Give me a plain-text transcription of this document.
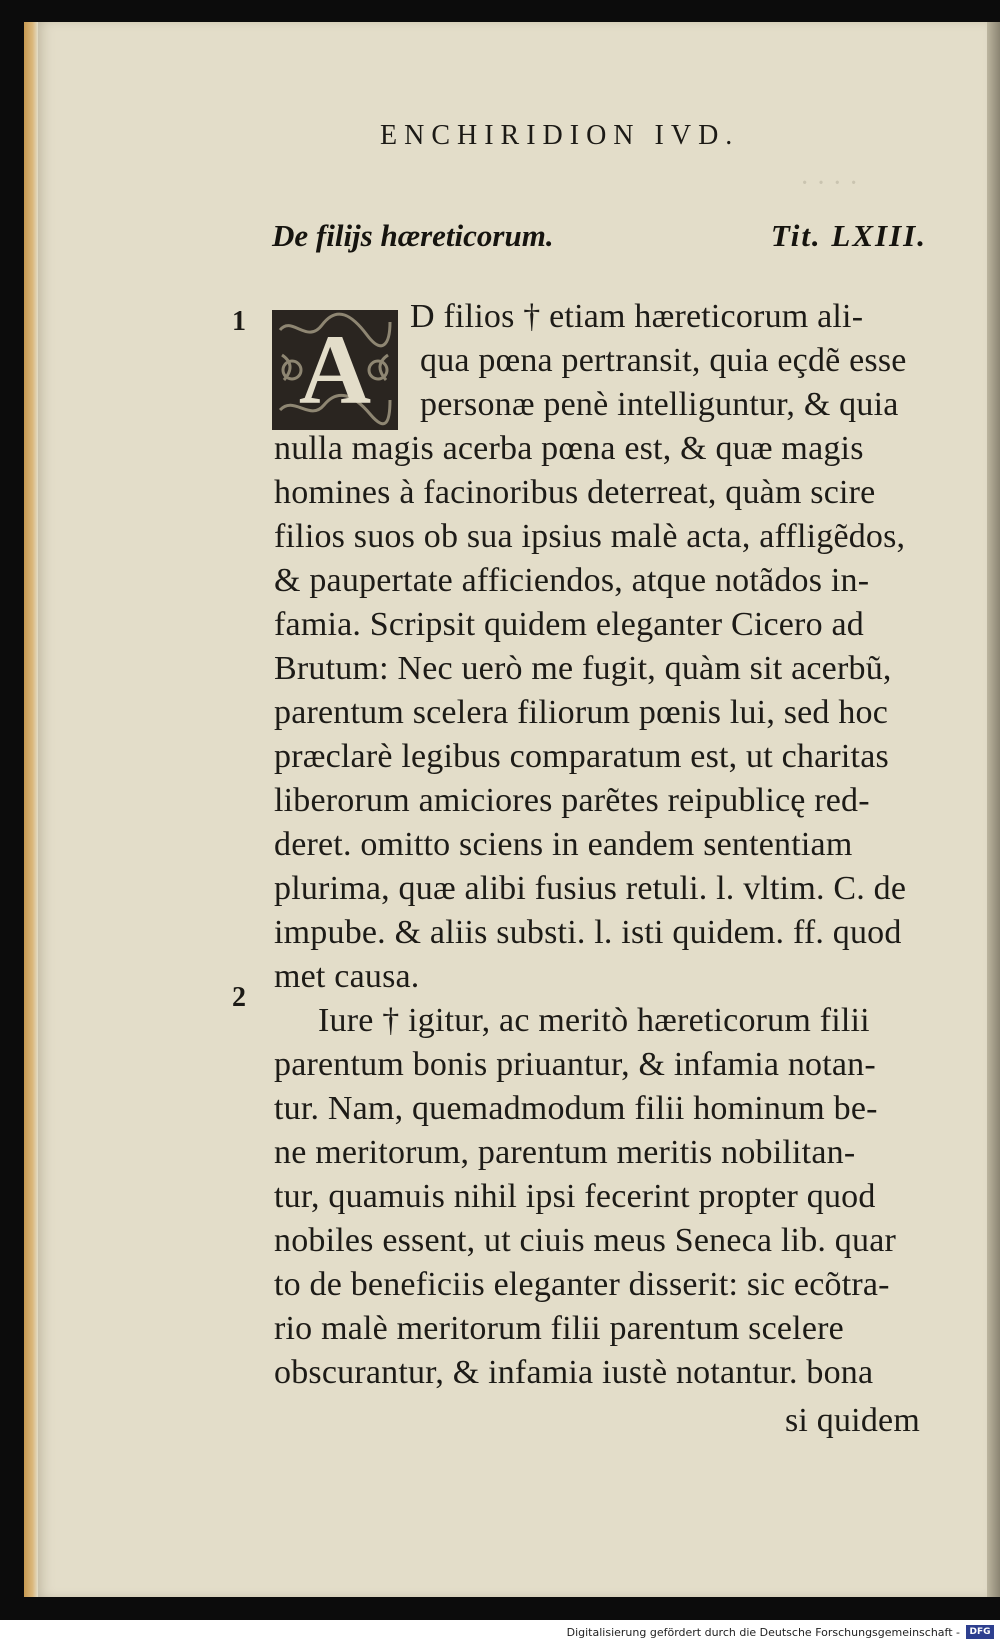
· · · ·
ENCHIRIDION IVD.
De filijs hæreticorum.	Tit. LXIII.
1
2
A D filios † etiam hæreticorum ali-
qua pœna pertransit, quia eçdẽ esse
personæ penè intelliguntur, & quia
nulla magis acerba pœna est, & quæ magis
homines à facinoribus deterreat, quàm scire
filios suos ob sua ipsius malè acta, affligẽdos,
& paupertate afficiendos, atque notãdos in-
famia. Scripsit quidem eleganter Cicero ad
Brutum: Nec uerò me fugit, quàm sit acerbũ,
parentum scelera filiorum pœnis lui, sed hoc
præclarè legibus comparatum est, ut charitas
liberorum amiciores parẽtes reipublicę red-
deret. omitto sciens in eandem sententiam
plurima, quæ alibi fusius retuli. l. vltim. C. de
impube. & aliis substi. l. isti quidem. ff. quod
met causa.
Iure † igitur, ac meritò hæreticorum filii
parentum bonis priuantur, & infamia notan-
tur. Nam, quemadmodum filii hominum be-
ne meritorum, parentum meritis nobilitan-
tur, quamuis nihil ipsi fecerint propter quod
nobiles essent, ut ciuis meus Seneca lib. quar
to de beneficiis eleganter disserit: sic ecõtra-
rio malè meritorum filii parentum scelere
obscurantur, & infamia iustè notantur. bona
si quidem
Digitalisierung gefördert durch die Deutsche Forschungsgemeinschaft -	DFG
